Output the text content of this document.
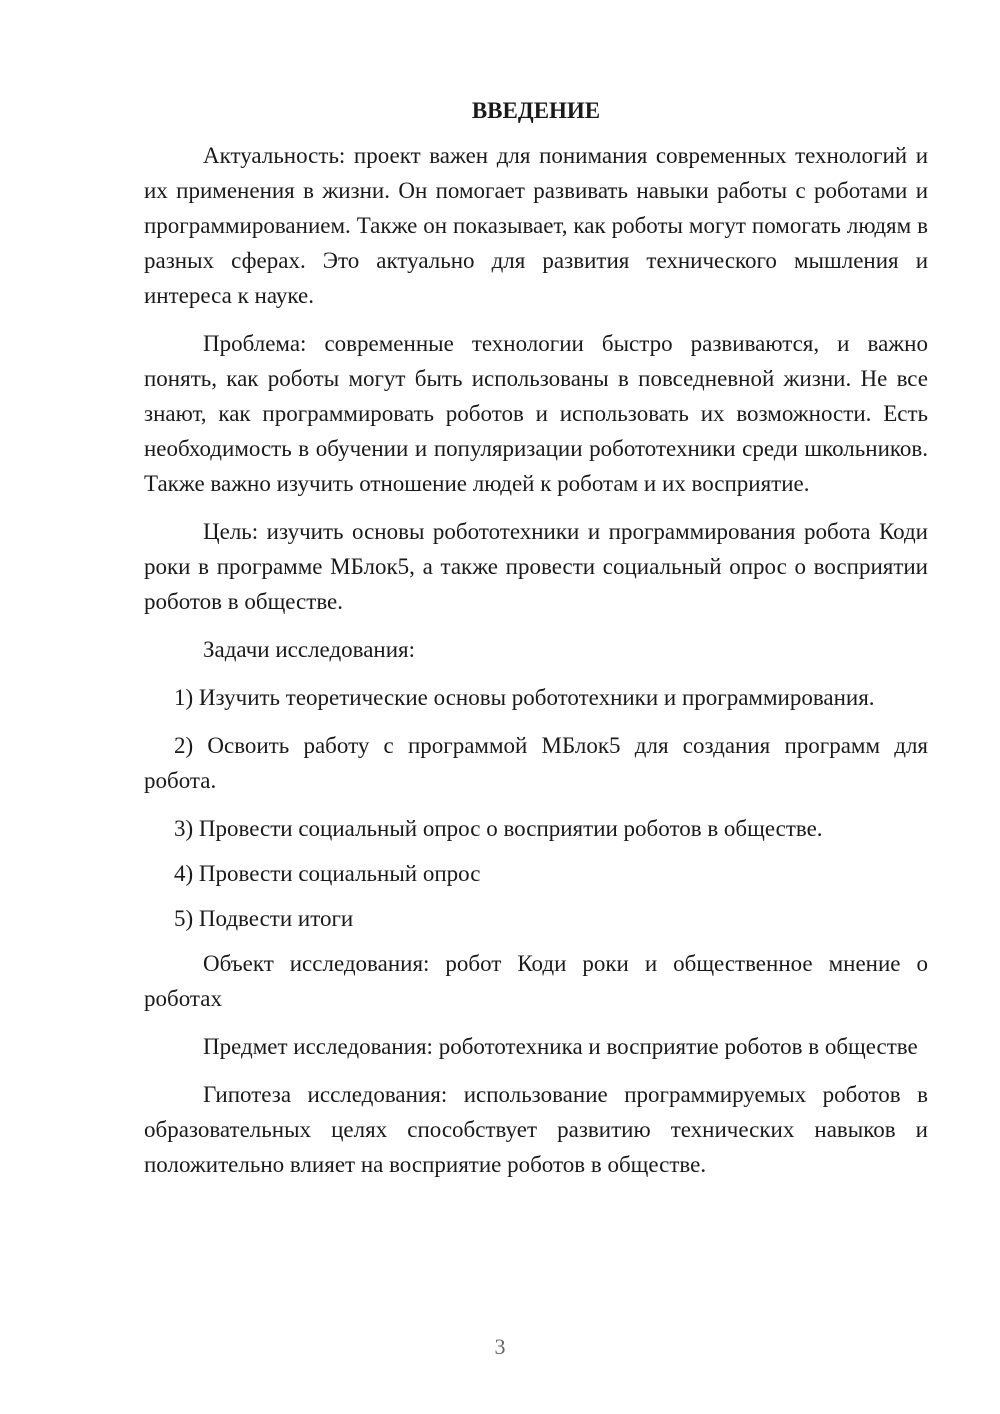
ВВЕДЕНИЕ

Актуальность: проект важен для понимания современных технологий и их применения в жизни. Он помогает развивать навыки работы с роботами и программированием. Также он показывает, как роботы могут помогать людям в разных сферах. Это актуально для развития технического мышления и интереса к науке.

Проблема: современные технологии быстро развиваются, и важно понять, как роботы могут быть использованы в повседневной жизни. Не все знают, как программировать роботов и использовать их возможности. Есть необходимость в обучении и популяризации робототехники среди школьников. Также важно изучить отношение людей к роботам и их восприятие.

Цель: изучить основы робототехники и программирования робота Коди роки в программе МБлок5, а также провести социальный опрос о восприятии роботов в обществе.

Задачи исследования:

1) Изучить теоретические основы робототехники и программирования.

2) Освоить работу с программой МБлок5 для создания программ для робота.

3) Провести социальный опрос о восприятии роботов в обществе.

4) Провести социальный опрос

5) Подвести итоги

Объект исследования: робот Коди роки и общественное мнение о роботах

Предмет исследования: робототехника и восприятие роботов в обществе

Гипотеза исследования: использование программируемых роботов в образовательных целях способствует развитию технических навыков и положительно влияет на восприятие роботов в обществе.

3
